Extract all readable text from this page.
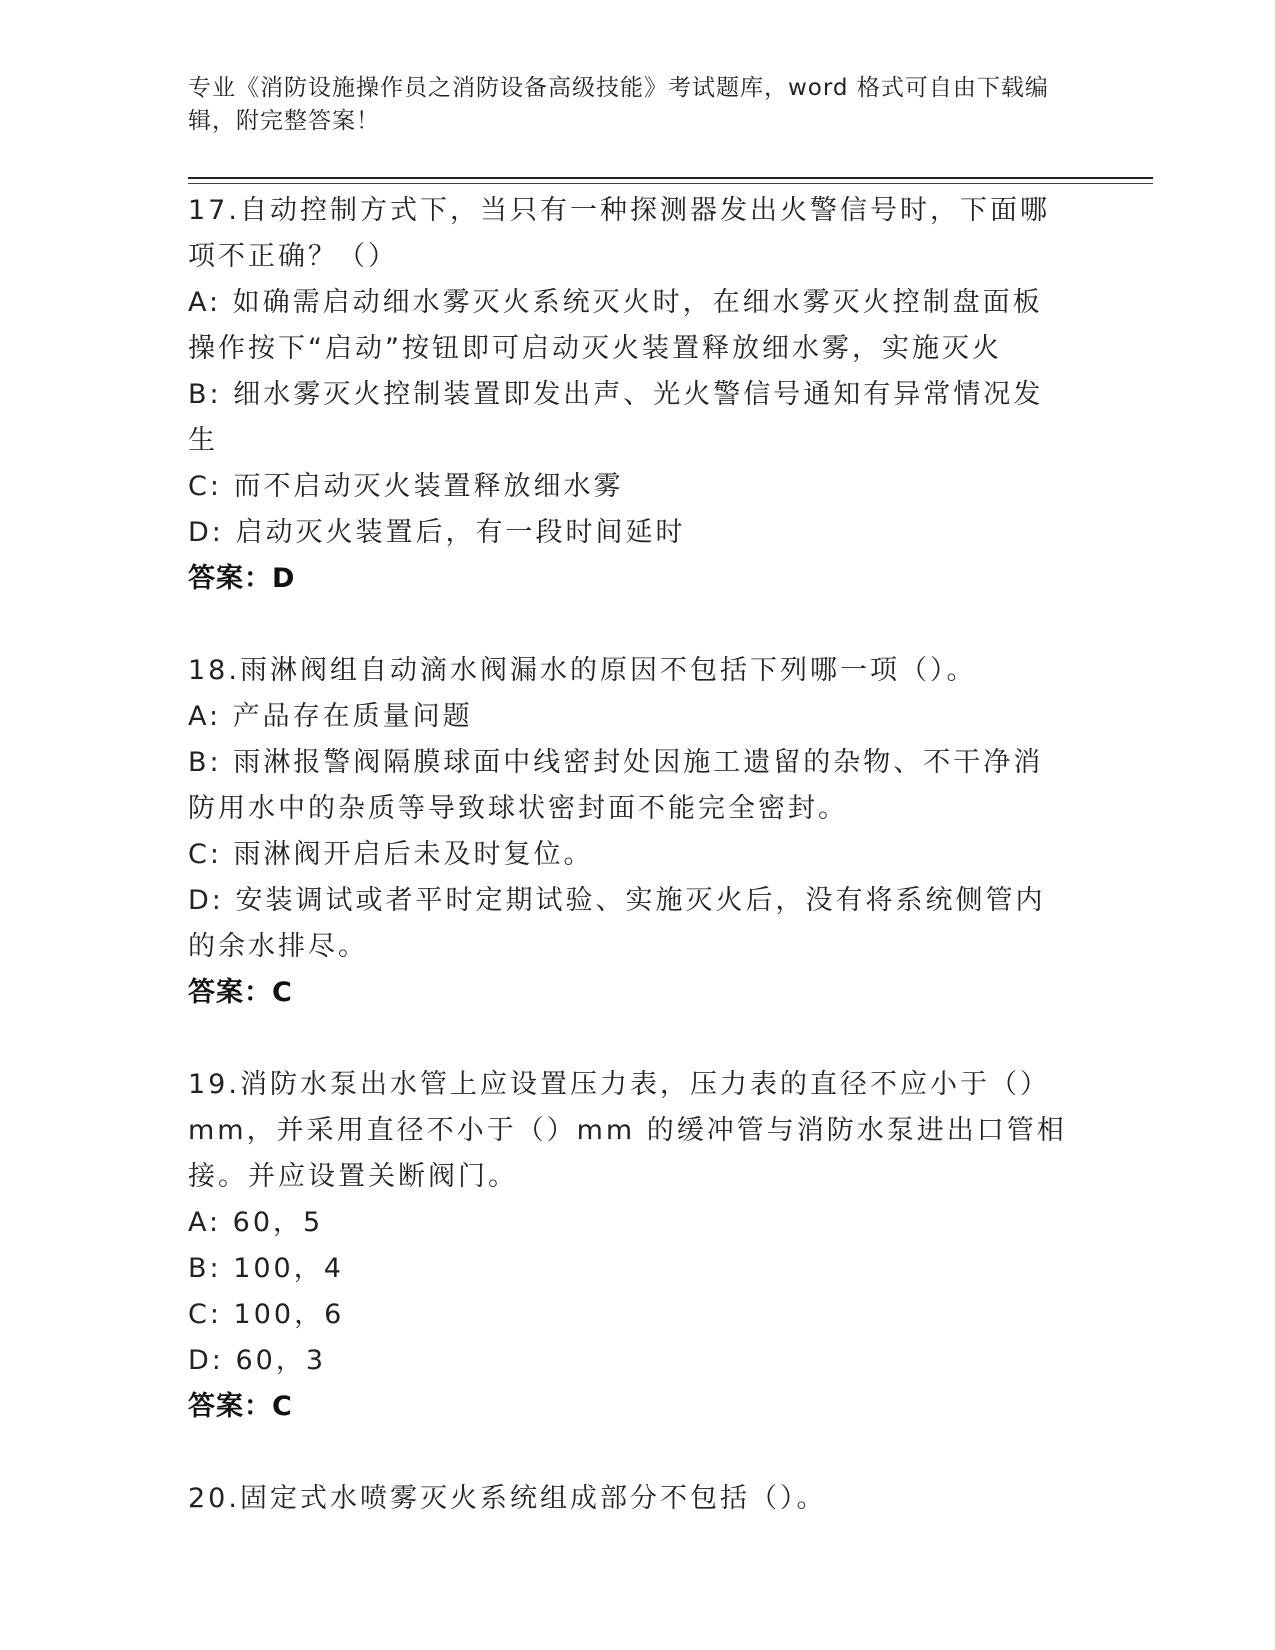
专业《消防设施操作员之消防设备高级技能》考试题库，word 格式可自由下载编辑，附完整答案！
17.自动控制方式下，当只有一种探测器发出火警信号时，下面哪项不正确？（）
A: 如确需启动细水雾灭火系统灭火时，在细水雾灭火控制盘面板操作按下“启动”按钮即可启动灭火装置释放细水雾，实施灭火
B: 细水雾灭火控制装置即发出声、光火警信号通知有异常情况发生
C: 而不启动灭火装置释放细水雾
D: 启动灭火装置后，有一段时间延时
答案：D
18.雨淋阀组自动滴水阀漏水的原因不包括下列哪一项（）。
A: 产品存在质量问题
B: 雨淋报警阀隔膜球面中线密封处因施工遗留的杂物、不干净消防用水中的杂质等导致球状密封面不能完全密封。
C: 雨淋阀开启后未及时复位。
D: 安装调试或者平时定期试验、实施灭火后，没有将系统侧管内的余水排尽。
答案：C
19.消防水泵出水管上应设置压力表，压力表的直径不应小于（）mm，并采用直径不小于（）mm 的缓冲管与消防水泵进出口管相接。并应设置关断阀门。
A: 60，5
B: 100，4
C: 100，6
D: 60，3
答案：C
20.固定式水喷雾灭火系统组成部分不包括（）。
